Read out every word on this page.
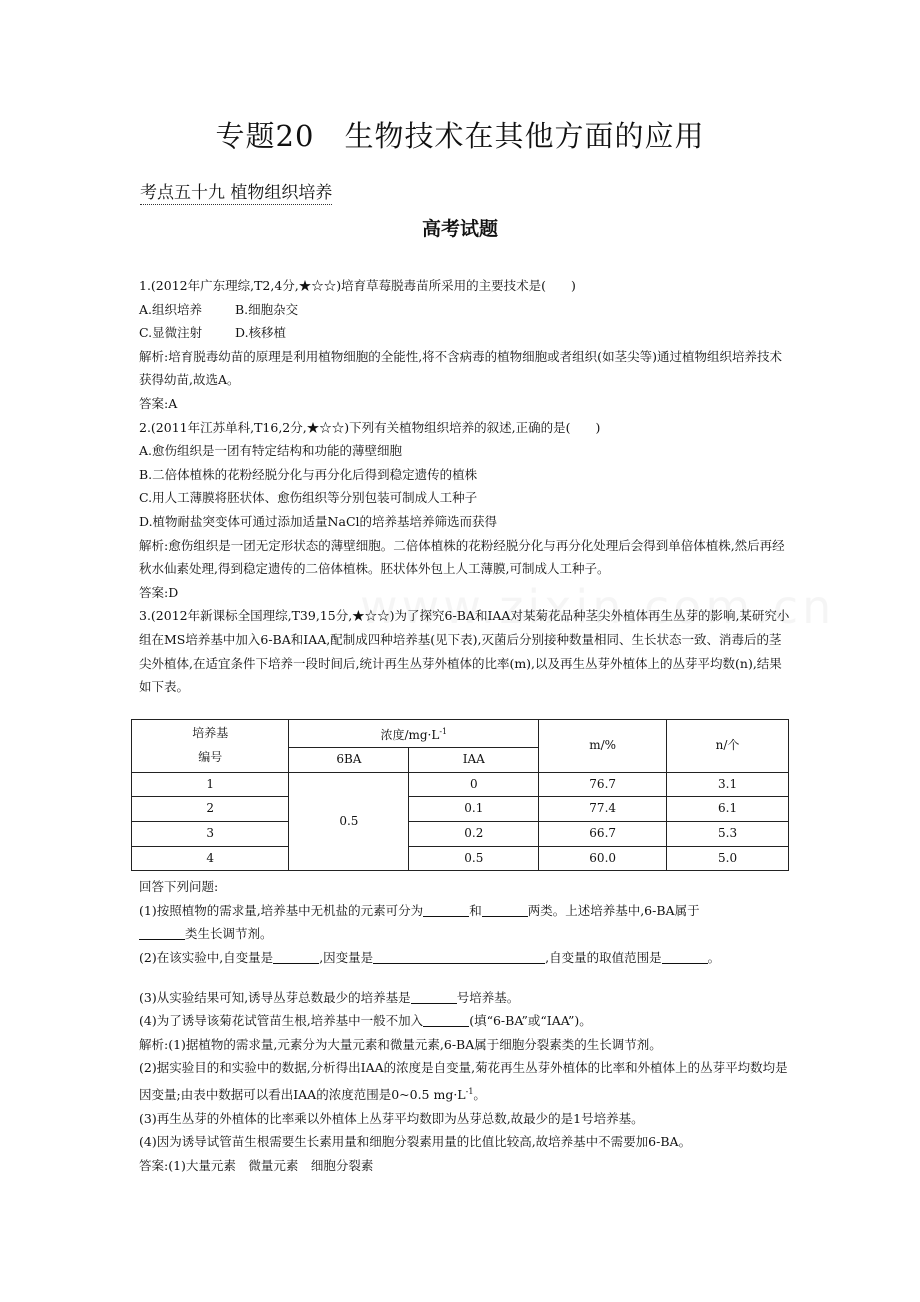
专题20　生物技术在其他方面的应用
考点五十九 植物组织培养
高考试题

1.(2012年广东理综,T2,4分,★☆☆)培育草莓脱毒苗所采用的主要技术是(　　)

A.组织培养	B.细胞杂交

C.显微注射	D.核移植

解析:培育脱毒幼苗的原理是利用植物细胞的全能性,将不含病毒的植物细胞或者组织(如茎尖等)通过植物组织培养技术获得幼苗,故选A。

答案:A

2.(2011年江苏单科,T16,2分,★☆☆)下列有关植物组织培养的叙述,正确的是(　　)

A.愈伤组织是一团有特定结构和功能的薄壁细胞

B.二倍体植株的花粉经脱分化与再分化后得到稳定遗传的植株

C.用人工薄膜将胚状体、愈伤组织等分别包装可制成人工种子

D.植物耐盐突变体可通过添加适量NaCl的培养基培养筛选而获得

解析:愈伤组织是一团无定形状态的薄壁细胞。二倍体植株的花粉经脱分化与再分化处理后会得到单倍体植株,然后再经秋水仙素处理,得到稳定遗传的二倍体植株。胚状体外包上人工薄膜,可制成人工种子。

答案:D

3.(2012年新课标全国理综,T39,15分,★☆☆)为了探究6-BA和IAA对某菊花品种茎尖外植体再生丛芽的影响,某研究小组在MS培养基中加入6-BA和IAA,配制成四种培养基(见下表),灭菌后分别接种数量相同、生长状态一致、消毒后的茎尖外植体,在适宜条件下培养一段时间后,统计再生丛芽外植体的比率(m),以及再生丛芽外植体上的丛芽平均数(n),结果如下表。

培养基
编号	浓度$/mg\cdot L^{-1}$		m/%	n/个
	6BA	IAA		
1	0.5	0	76.7	3.1
2		0.1	77.4	6.1
3		0.2	66.7	5.3
4		0.5	60.0	5.0

回答下列问题:

(1)按照植物的需求量,培养基中无机盐的元素可分为	和	两类。上述培养基中,6-BA属于
类生长调节剂。

(2)在该实验中,自变量是	,因变量是	,自变量的取值范围是	。

(3)从实验结果可知,诱导丛芽总数最少的培养基是	号培养基。

(4)为了诱导该菊花试管苗生根,培养基中一般不加入	(填“6-BA”或“IAA”)。

解析:(1)据植物的需求量,元素分为大量元素和微量元素,6-BA属于细胞分裂素类的生长调节剂。

(2)据实验目的和实验中的数据,分析得出IAA的浓度是自变量,菊花再生丛芽外植体的比率和外植体上的丛芽平均数均是因变量;由表中数据可以看出IAA的浓度范围是0~0.5 $mg\cdot L^{-1}$。

(3)再生丛芽的外植体的比率乘以外植体上丛芽平均数即为丛芽总数,故最少的是1号培养基。

(4)因为诱导试管苗生根需要生长素用量和细胞分裂素用量的比值比较高,故培养基中不需要加6-BA。

答案:(1)大量元素　微量元素　细胞分裂素
